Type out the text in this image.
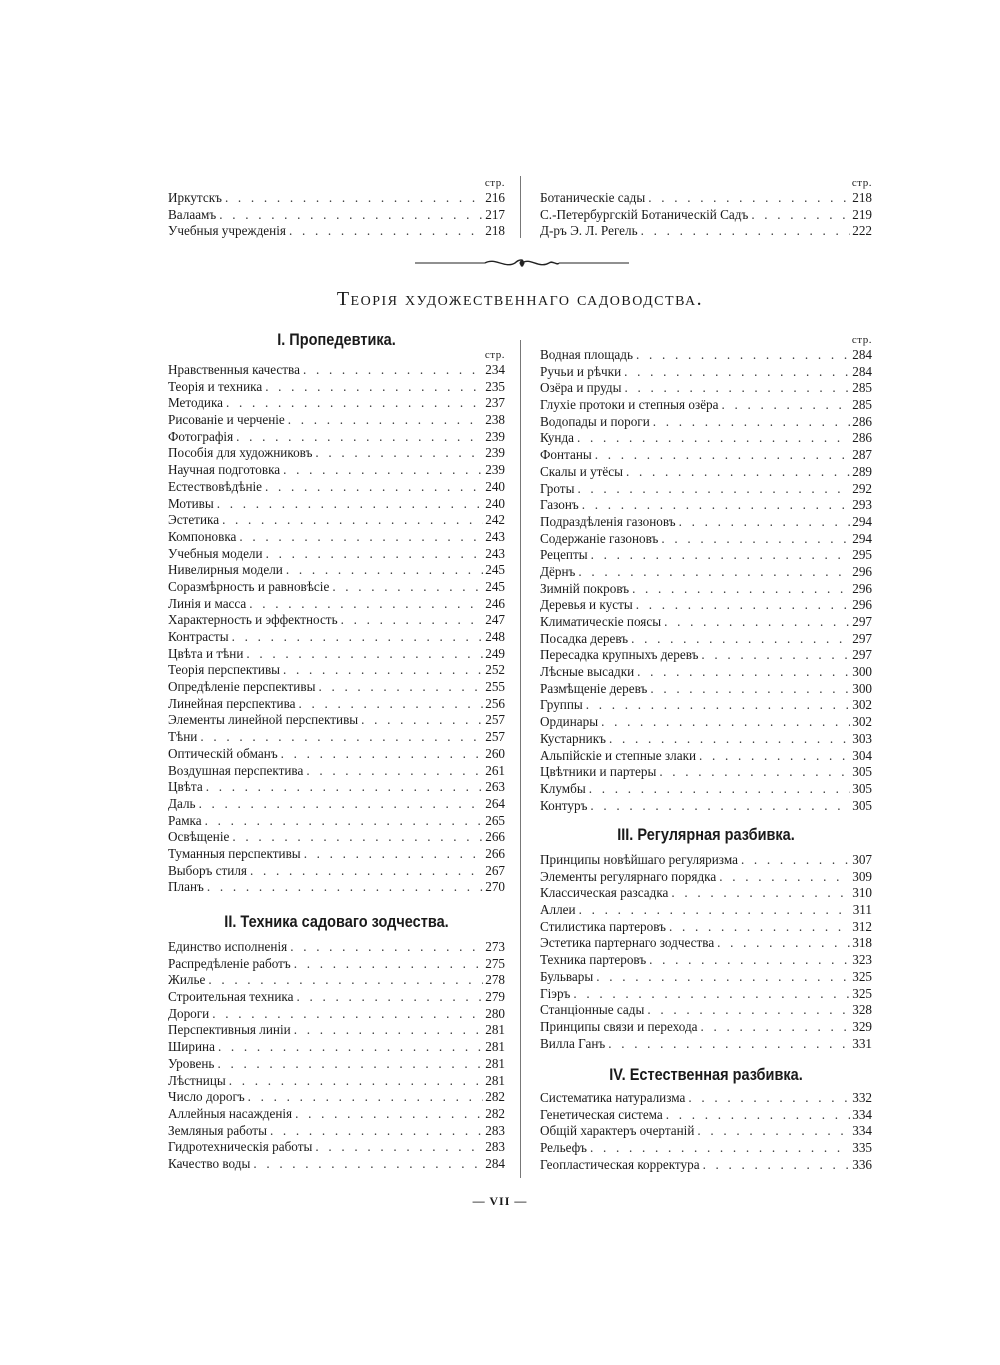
стр.
Иркутскъ . . .	216
Валаамъ . . .	217
Учебныя учрежденія . . .	218
стр.
Ботаническіе сады . . .	218
С.-Петербургскій Ботаническій Садъ . . .	219
Д-ръ Э. Л. Регель . . .	222
Теорія художественнаго садоводства.
I. Пропедевтика.
стр.
Нравственныя качества . . .	234
Теорія и техника . . .	235
Методика . . .	237
Рисованіе и черченіе . . .	238
Фотографія . . .	239
Пособія для художниковъ . . .	239
Научная подготовка . . .	239
Естествовѣдѣніе . . .	240
Мотивы . . .	240
Эстетика . . .	242
Компоновка . . .	243
Учебныя модели . . .	243
Нивелирныя модели . . .	245
Соразмѣрность и равновѣсіе . . .	245
Линія и масса . . .	246
Характерность и эффектность . . .	247
Контрасты . . .	248
Цвѣта и тѣни . . .	249
Теорія перспективы . . .	252
Опредѣленіе перспективы . . .	255
Линейная перспектива . . .	256
Элементы линейной перспективы . . .	257
Тѣни . . .	257
Оптическій обманъ . . .	260
Воздушная перспектива . . .	261
Цвѣта . . .	263
Даль . . .	264
Рамка . . .	265
Освѣщеніе . . .	266
Туманныя перспективы . . .	266
Выборъ стиля . . .	267
Планъ . . .	270
II. Техника садоваго зодчества.
Единство исполненія . . .	273
Распредѣленіе работъ . . .	275
Жилье . . .	278
Строительная техника . . .	279
Дороги . . .	280
Перспективныя линіи . . .	281
Ширина . . .	281
Уровень . . .	281
Лѣстницы . . .	281
Число дорогъ . . .	282
Аллейныя насажденія . . .	282
Земляныя работы . . .	283
Гидротехническія работы . . .	283
Качество воды . . .	284
стр.
Водная площадь . . .	284
Ручьи и рѣчки . . .	284
Озёра и пруды . . .	285
Глухіе протоки и степныя озёра . . .	285
Водопады и пороги . . .	286
Кунда . . .	286
Фонтаны . . .	287
Скалы и утёсы . . .	289
Гроты . . .	292
Газонъ . . .	293
Подраздѣленія газоновъ . . .	294
Содержаніе газоновъ . . .	294
Рецепты . . .	295
Дёрнъ . . .	296
Зимній покровъ . . .	296
Деревья и кусты . . .	296
Климатическіе поясы . . .	297
Посадка деревъ . . .	297
Пересадка крупныхъ деревъ . . .	297
Лѣсные высадки . . .	300
Размѣщеніе деревъ . . .	300
Группы . . .	302
Ординары . . .	302
Кустарникъ . . .	303
Альпійскіе и степные злаки . . .	304
Цвѣтники и партеры . . .	305
Клумбы . . .	305
Контуръ . . .	305
III. Регулярная разбивка.
Принципы новѣйшаго регуляризма . . .	307
Элементы регулярнаго порядка . . .	309
Классическая разсадка . . .	310
Аллеи . . .	311
Стилистика партеровъ . . .	312
Эстетика партернаго зодчества . . .	318
Техника партеровъ . . .	323
Бульвары . . .	325
Гіэръ . . .	325
Станціонные сады . . .	328
Принципы связи и перехода . . .	329
Вилла Ганъ . . .	331
IV. Естественная разбивка.
Систематика натурализма . . .	332
Генетическая система . . .	334
Общій характеръ очертаній . . .	334
Рельефъ . . .	335
Геопластическая корректура . . .	336
— VII —
